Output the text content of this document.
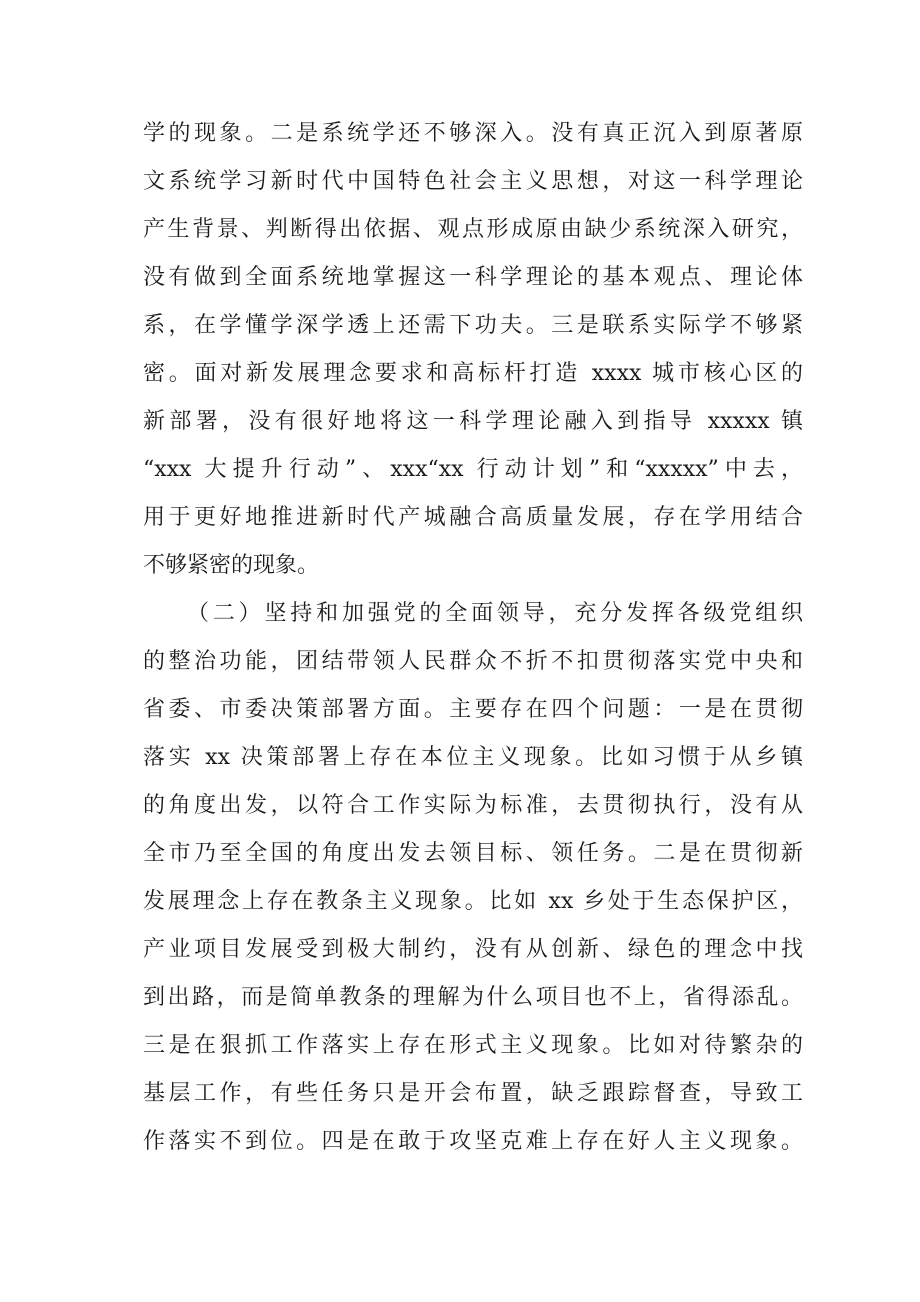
学的现象。二是系统学还不够深入。没有真正沉入到原著原
文系统学习新时代中国特色社会主义思想，对这一科学理论
产生背景、判断得出依据、观点形成原由缺少系统深入研究，
没有做到全面系统地掌握这一科学理论的基本观点、理论体
系，在学懂学深学透上还需下功夫。三是联系实际学不够紧
密。面对新发展理念要求和高标杆打造 xxxx 城市核心区的
新部署，没有很好地将这一科学理论融入到指导 xxxxx 镇
“xxx 大提升行动”、xxx“xx 行动计划”和“xxxxx”中去，
用于更好地推进新时代产城融合高质量发展，存在学用结合
不够紧密的现象。
（二）坚持和加强党的全面领导，充分发挥各级党组织
的整治功能，团结带领人民群众不折不扣贯彻落实党中央和
省委、市委决策部署方面。主要存在四个问题：一是在贯彻
落实 xx 决策部署上存在本位主义现象。比如习惯于从乡镇
的角度出发，以符合工作实际为标准，去贯彻执行，没有从
全市乃至全国的角度出发去领目标、领任务。二是在贯彻新
发展理念上存在教条主义现象。比如 xx 乡处于生态保护区，
产业项目发展受到极大制约，没有从创新、绿色的理念中找
到出路，而是简单教条的理解为什么项目也不上，省得添乱。
三是在狠抓工作落实上存在形式主义现象。比如对待繁杂的
基层工作，有些任务只是开会布置，缺乏跟踪督查，导致工
作落实不到位。四是在敢于攻坚克难上存在好人主义现象。
